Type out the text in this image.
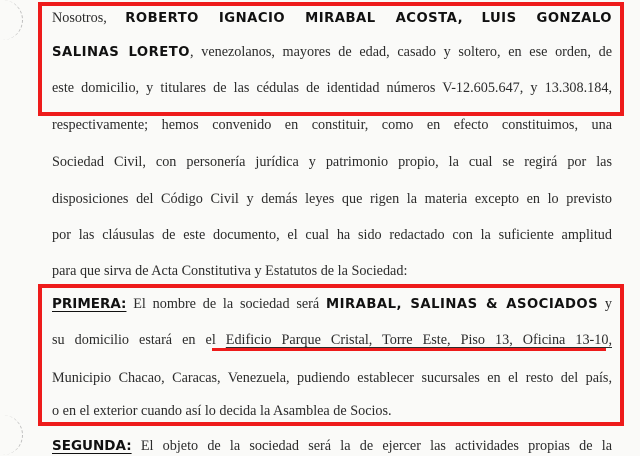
Nosotros, ROBERTO IGNACIO MIRABAL ACOSTA, LUIS GONZALO
SALINAS LORETO, venezolanos, mayores de edad, casado y soltero, en ese orden, de
este domicilio, y titulares de las cédulas de identidad números V-12.605.647, y 13.308.184,
respectivamente; hemos convenido en constituir, como en efecto constituimos, una
Sociedad Civil, con personería jurídica y patrimonio propio, la cual se regirá por las
disposiciones del Código Civil y demás leyes que rigen la materia excepto en lo previsto
por las cláusulas de este documento, el cual ha sido redactado con la suficiente amplitud
para que sirva de Acta Constitutiva y Estatutos de la Sociedad:
PRIMERA: El nombre de la sociedad será MIRABAL, SALINAS & ASOCIADOS y
su domicilio estará en el Edificio Parque Cristal, Torre Este, Piso 13, Oficina 13-10,
Municipio Chacao, Caracas, Venezuela, pudiendo establecer sucursales en el resto del país,
o en el exterior cuando así lo decida la Asamblea de Socios.
SEGUNDA: El objeto de la sociedad será la de ejercer las actividades propias de la
